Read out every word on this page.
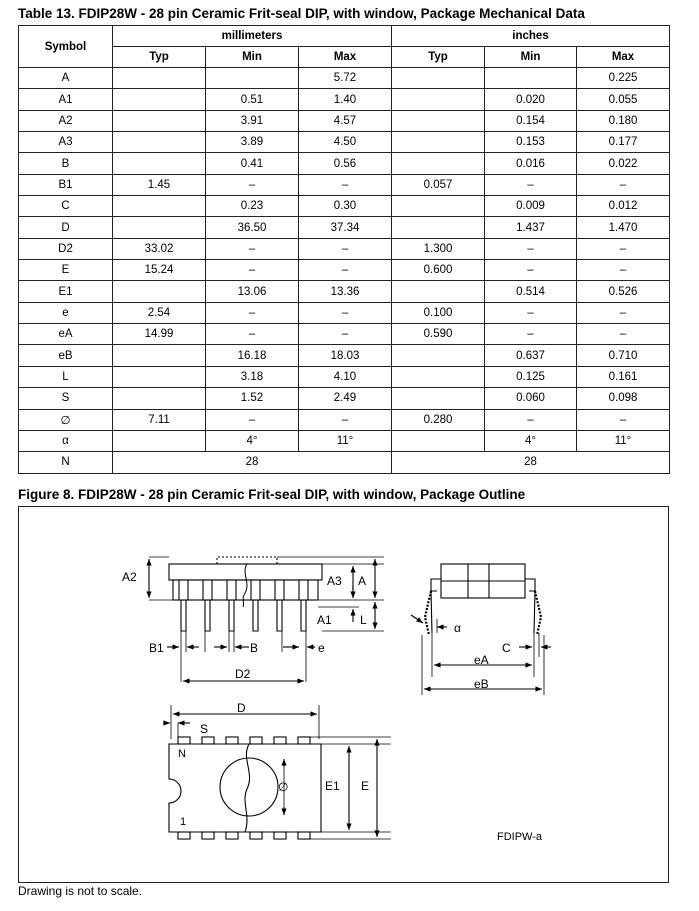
Table 13. FDIP28W - 28 pin Ceramic Frit-seal DIP, with window, Package Mechanical Data
Symbol	millimeters			inches		
	Typ	Min	Max	Typ	Min	Max
A			5.72			0.225
A1		0.51	1.40		0.020	0.055
A2		3.91	4.57		0.154	0.180
A3		3.89	4.50		0.153	0.177
B		0.41	0.56		0.016	0.022
B1	1.45	–	–	0.057	–	–
C		0.23	0.30		0.009	0.012
D		36.50	37.34		1.437	1.470
D2	33.02	–	–	1.300	–	–
E	15.24	–	–	0.600	–	–
E1		13.06	13.36		0.514	0.526
e	2.54	–	–	0.100	–	–
eA	14.99	–	–	0.590	–	–
eB		16.18	18.03		0.637	0.710
L		3.18	4.10		0.125	0.161
S		1.52	2.49		0.060	0.098
∅	7.11	–	–	0.280	–	–
α		4°	11°		4°	11°
N	28			28		
Figure 8. FDIP28W - 28 pin Ceramic Frit-seal DIP, with window, Package Outline
A2	A3 A
A1 L
B1	B	e
D2
α
C
eA
eB
D
S
N
1
∅	E1 E
FDIPW-a
Drawing is not to scale.
